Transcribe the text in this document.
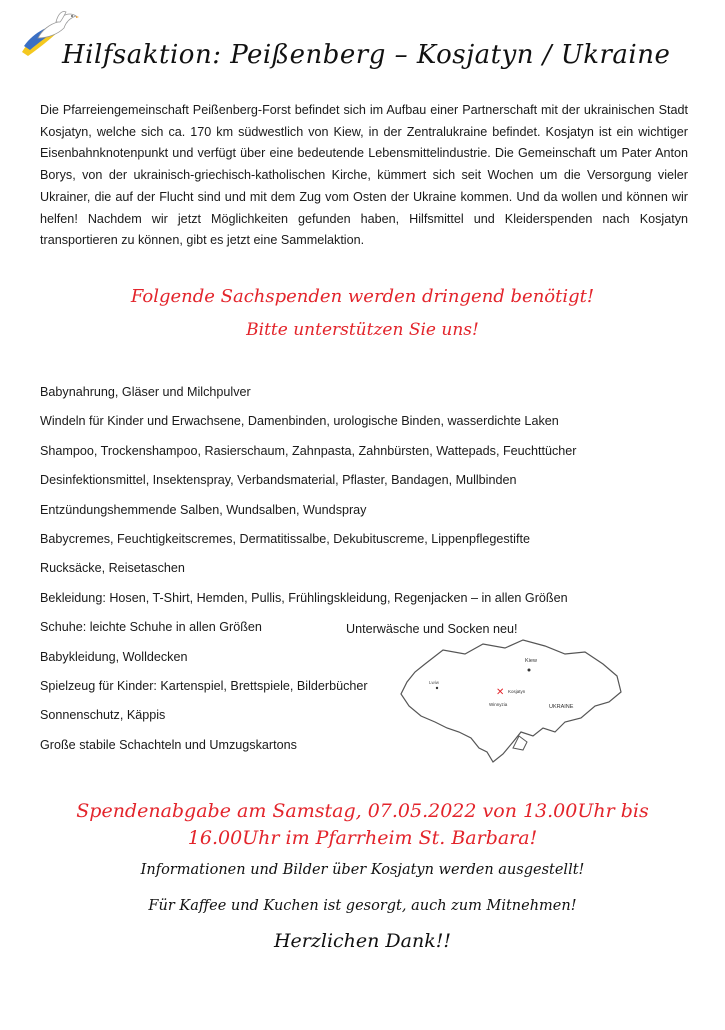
Hilfsaktion: Peißenberg – Kosjatyn / Ukraine

Die Pfarreiengemeinschaft Peißenberg-Forst befindet sich im Aufbau einer Partnerschaft mit der ukrainischen Stadt Kosjatyn, welche sich ca. 170 km südwestlich von Kiew, in der Zentralukraine befindet. Kosjatyn ist ein wichtiger Eisenbahnknotenpunkt und verfügt über eine bedeutende Lebensmittelindustrie. Die Gemeinschaft um Pater Anton Borys, von der ukrainisch-griechisch-katholischen Kirche, kümmert sich seit Wochen um die Versorgung vieler Ukrainer, die auf der Flucht sind und mit dem Zug vom Osten der Ukraine kommen. Und da wollen und können wir helfen! Nachdem wir jetzt Möglichkeiten gefunden haben, Hilfsmittel und Kleiderspenden nach Kosjatyn transportieren zu können, gibt es jetzt eine Sammelaktion.

Folgende Sachspenden werden dringend benötigt!
Bitte unterstützen Sie uns!
Babynahrung, Gläser und Milchpulver
Windeln für Kinder und Erwachsene, Damenbinden, urologische Binden, wasserdichte Laken
Shampoo, Trockenshampoo, Rasierschaum, Zahnpasta, Zahnbürsten, Wattepads, Feuchttücher
Desinfektionsmittel, Insektenspray, Verbandsmaterial, Pflaster, Bandagen, Mullbinden
Entzündungshemmende Salben, Wundsalben, Wundspray
Babycremes, Feuchtigkeitscremes, Dermatitissalbe, Dekubituscreme, Lippenpflegestifte
Rucksäcke, Reisetaschen
Bekleidung: Hosen, T-Shirt, Hemden, Pullis, Frühlingskleidung, Regenjacken – in allen Größen
Schuhe: leichte Schuhe in allen Größen
Babykleidung, Wolldecken
Spielzeug für Kinder: Kartenspiel, Brettspiele, Bilderbücher
Sonnenschutz, Käppis
Große stabile Schachteln und Umzugskartons
Unterwäsche und Socken neu!
Kiew
Lwiw
✕ Kosjatyn
Winnyzia	UKRAINE
Spendenabgabe am Samstag, 07.05.2022 von 13.00Uhr bis 16.00Uhr im Pfarrheim St. Barbara!
Informationen und Bilder über Kosjatyn werden ausgestellt!
Für Kaffee und Kuchen ist gesorgt, auch zum Mitnehmen!
Herzlichen Dank!!
